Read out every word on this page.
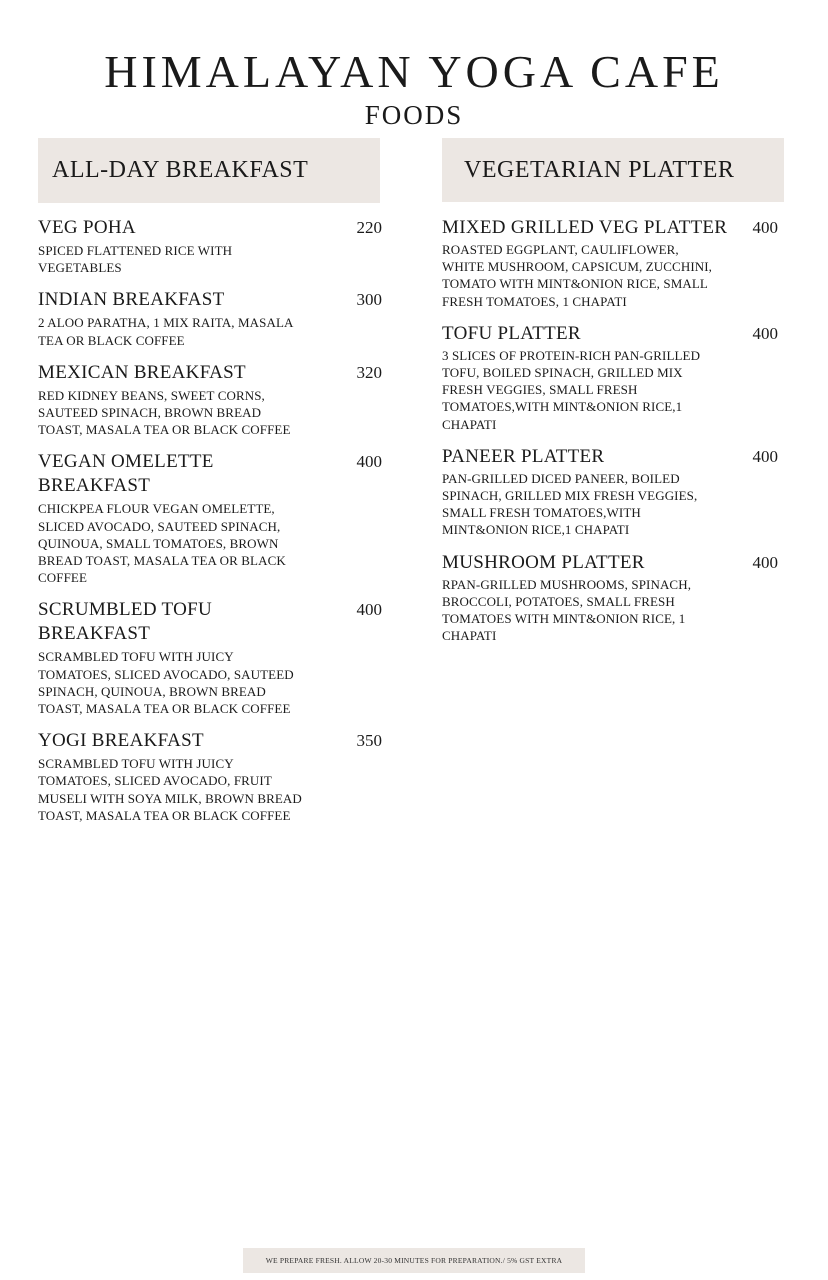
HIMALAYAN YOGA CAFE
FOODS
ALL-DAY BREAKFAST	VEGETARIAN PLATTER
VEG POHA	220
SPICED FLATTENED RICE WITH VEGETABLES
INDIAN BREAKFAST	300
2 ALOO PARATHA, 1 MIX RAITA, MASALA TEA OR BLACK COFFEE
MEXICAN BREAKFAST	320
RED KIDNEY BEANS, SWEET CORNS, SAUTEED SPINACH, BROWN BREAD TOAST, MASALA TEA OR BLACK COFFEE
VEGAN OMELETTE BREAKFAST
400
CHICKPEA FLOUR VEGAN OMELETTE, SLICED AVOCADO, SAUTEED SPINACH, QUINOUA, SMALL TOMATOES, BROWN BREAD TOAST, MASALA TEA OR BLACK COFFEE
SCRUMBLED TOFU BREAKFAST
400
SCRAMBLED TOFU WITH JUICY TOMATOES, SLICED AVOCADO, SAUTEED SPINACH, QUINOUA, BROWN BREAD TOAST, MASALA TEA OR BLACK COFFEE
YOGI BREAKFAST	350
SCRAMBLED TOFU WITH JUICY TOMATOES, SLICED AVOCADO, FRUIT MUSELI WITH SOYA MILK, BROWN BREAD TOAST, MASALA TEA OR BLACK COFFEE
MIXED GRILLED VEG PLATTER 400
ROASTED EGGPLANT, CAULIFLOWER, WHITE MUSHROOM, CAPSICUM, ZUCCHINI, TOMATO WITH MINT&ONION RICE, SMALL FRESH TOMATOES, 1 CHAPATI
TOFU PLATTER	400
3 SLICES OF PROTEIN-RICH PAN-GRILLED TOFU, BOILED SPINACH, GRILLED MIX FRESH VEGGIES, SMALL FRESH TOMATOES,WITH MINT&ONION RICE,1 CHAPATI
PANEER PLATTER	400
PAN-GRILLED DICED PANEER, BOILED SPINACH, GRILLED MIX FRESH VEGGIES, SMALL FRESH TOMATOES,WITH MINT&ONION RICE,1 CHAPATI
MUSHROOM PLATTER	400
RPAN-GRILLED MUSHROOMS, SPINACH, BROCCOLI, POTATOES, SMALL FRESH TOMATOES WITH MINT&ONION RICE, 1 CHAPATI
WE PREPARE FRESH. ALLOW 20-30 MINUTES FOR PREPARATION./ 5% GST EXTRA
